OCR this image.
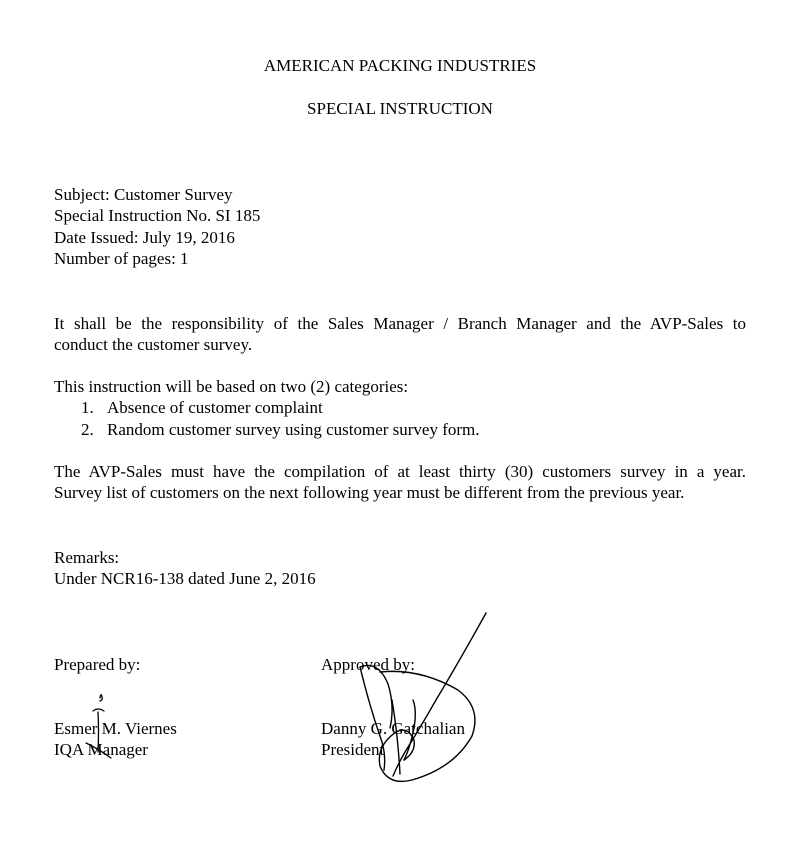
AMERICAN PACKING INDUSTRIES
SPECIAL INSTRUCTION
Subject: Customer Survey
Special Instruction No. SI 185
Date Issued: July 19, 2016
Number of pages: 1
It shall be the responsibility of the Sales Manager / Branch Manager and the AVP-Sales to
conduct the customer survey.
This instruction will be based on two (2) categories:
1. Absence of customer complaint
2. Random customer survey using customer survey form.
The AVP-Sales must have the compilation of at least thirty (30) customers survey in a year.
Survey list of customers on the next following year must be different from the previous year.
Remarks:
Under NCR16-138 dated June 2, 2016
Prepared by:
Esmer M. Viernes
IQA Manager
Approved by:
Danny G. Gatchalian
President
